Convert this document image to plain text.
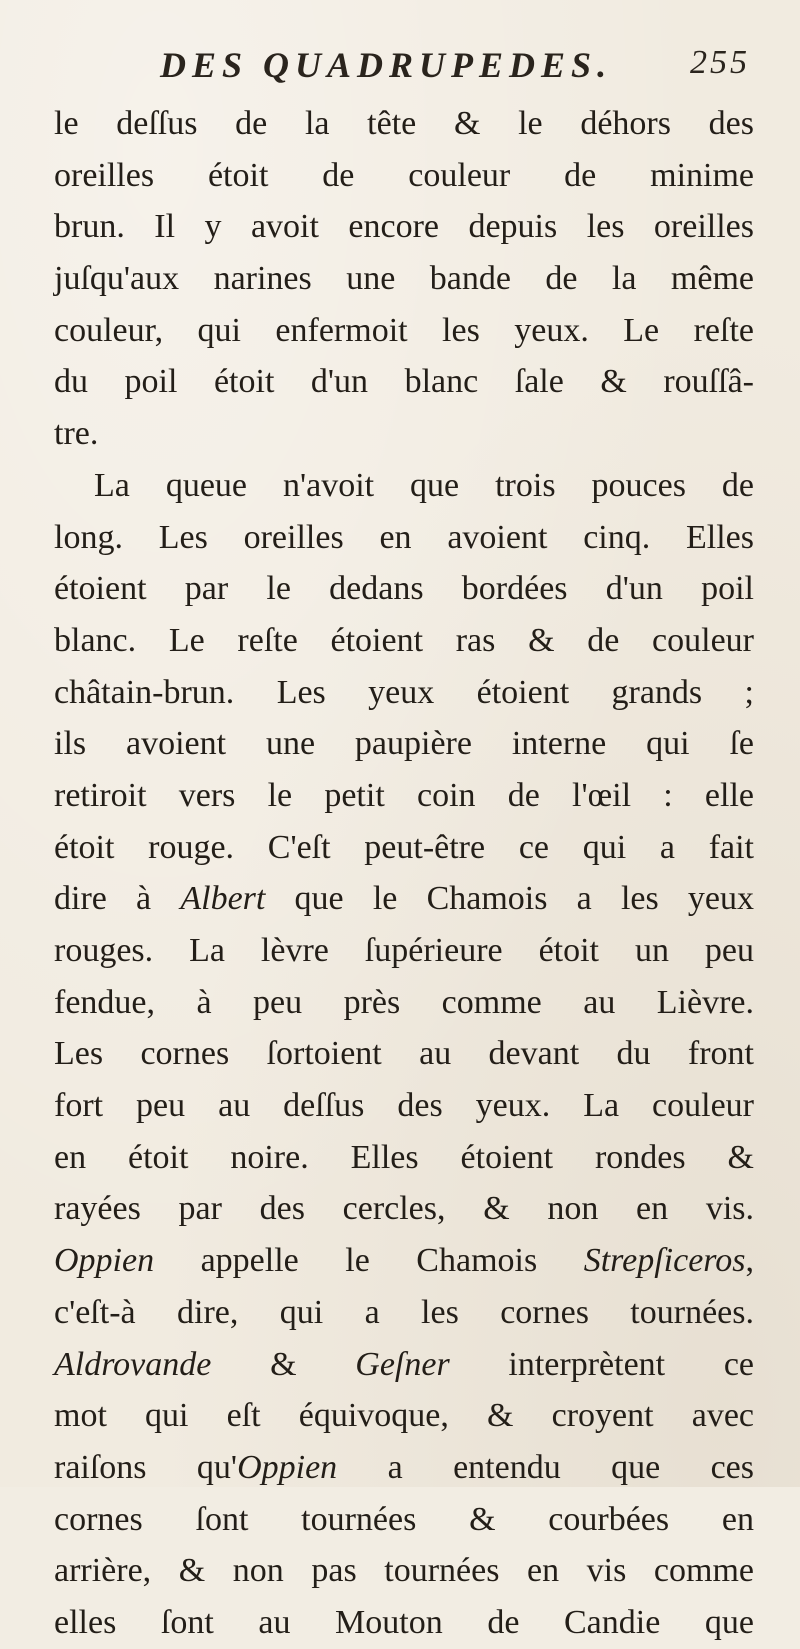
DES QUADRUPEDES. 255
le deſſus de la tête & le déhors des
oreilles étoit de couleur de minime
brun. Il y avoit encore depuis les oreilles
juſqu'aux narines une bande de la même
couleur, qui enfermoit les yeux. Le reſte
du poil étoit d'un blanc ſale & rouſſâ-
tre.
La queue n'avoit que trois pouces de
long. Les oreilles en avoient cinq. Elles
étoient par le dedans bordées d'un poil
blanc. Le reſte étoient ras & de couleur
châtain-brun. Les yeux étoient grands ;
ils avoient une paupière interne qui ſe
retiroit vers le petit coin de l'œil : elle
étoit rouge. C'eſt peut-être ce qui a fait
dire à Albert que le Chamois a les yeux
rouges. La lèvre ſupérieure étoit un peu
fendue, à peu près comme au Lièvre.
Les cornes ſortoient au devant du front
fort peu au deſſus des yeux. La couleur
en étoit noire. Elles étoient rondes &
rayées par des cercles, & non en vis.
Oppien appelle le Chamois Strepſiceros,
c'eſt-à dire, qui a les cornes tournées.
Aldrovande & Geſner interprètent ce
mot qui eſt équivoque, & croyent avec
raiſons qu'Oppien a entendu que ces
cornes ſont tournées & courbées en
arrière, & non pas tournées en vis comme
elles ſont au Mouton de Candie que
